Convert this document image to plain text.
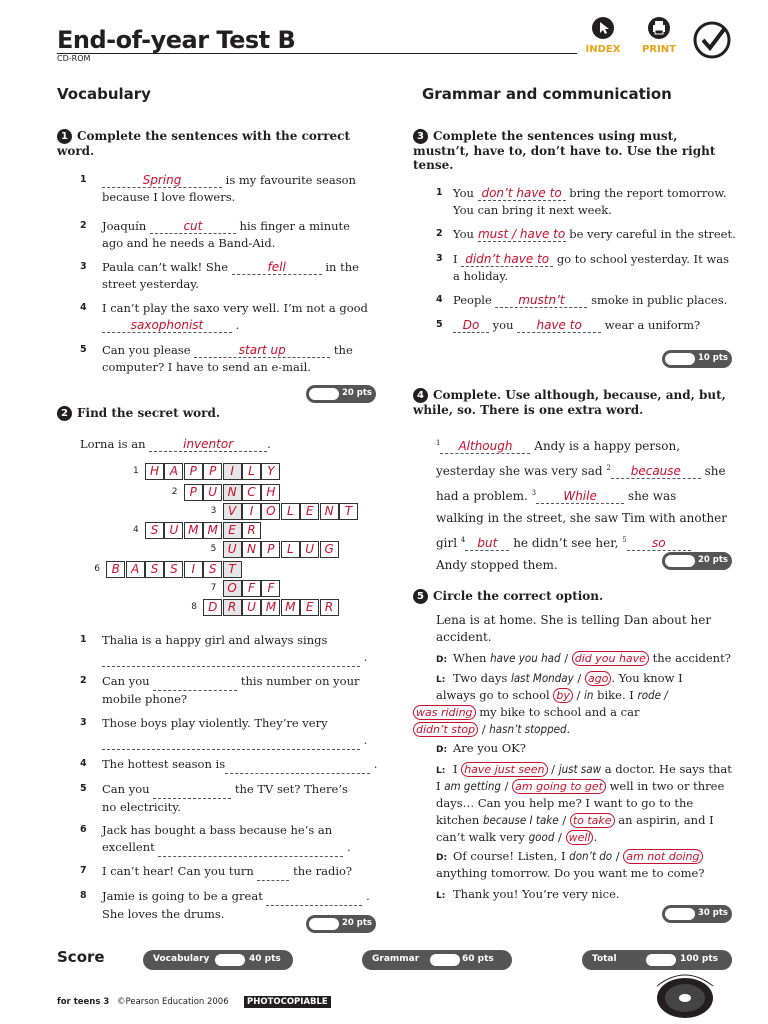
End-of-year Test B
CD-ROM
INDEX	PRINT
Vocabulary
1 Complete the sentences with the correct word.
1	Spring	is my favourite season
because I love flowers.
2 Joaquín	cut	his finger a minute
ago and he needs a Band-Aid.
3 Paula can’t walk! She	fell	in the
street yesterday.
4 I can’t play the saxo very well. I’m not a good
saxophonist	.
5 Can you please	start up	the
computer? I have to send an e-mail.
20 pts
2 Find the secret word.
Lorna is an	inventor	.
1 H A P	P	I	L	Y
2	P U N C H
3 V	I	O L	E N T
4 S U M M E R
5 U N P	L U G
6 B A S S	I	S T
7 O F	F
8 D R U M M E R
1 Thalia is a happy girl and always sings
.
2 Can you	this number on your
mobile phone?
3 Those boys play violently. They’re very
.
4 The hottest season is	.
5 Can you	the TV set? There’s
no electricity.
6 Jack has bought a bass because he’s an
excellent	.
7 I can’t hear! Can you turn	the radio?
8 Jamie is going to be a great	.
She loves the drums.
20 pts
Grammar and communication
3 Complete the sentences using must, mustn’t, have to, don’t have to. Use the right tense.
1 You don’t have to bring the report tomorrow.
You can bring it next week.
2 You must / have to be very careful in the street.
3 I didn’t have to go to school yesterday. It was
a holiday.
4 People mustn’t smoke in public places.
5	Do you have to wear a uniform?
10 pts
4 Complete. Use although, because, and, but, while, so. There is one extra word.
$^1$ Although Andy is a happy person,
yesterday she was very sad $^2$ because she
had a problem. $^3$ While she was
walking in the street, she saw Tim with another
girl $^4$ but he didn’t see her, $^5$ so
Andy stopped them.	20 pts
5 Circle the correct option.
Lena is at home. She is telling Dan about her
accident.
D: When have you had / did you have the accident?
L: Two days last Monday / ago . You know I
always go to school by / in bike. I rode /
was riding my bike to school and a car
didn’t stop / hasn’t stopped.
D: Are you OK?
L: I have just seen / just saw a doctor. He says that
I am getting / am going to get well in two or three
days… Can you help me? I want to go to the
kitchen because I take / to take an aspirin, and I
can’t walk very good / well .
D: Of course! Listen, I don’t do / am not doing
anything tomorrow. Do you want me to come?
L: Thank you! You’re very nice.
30 pts
Score	Vocabulary	40 pts	Grammar	60 pts	Total	100 pts
for teens 3 ©Pearson Education 2006	PHOTOCOPIABLE
